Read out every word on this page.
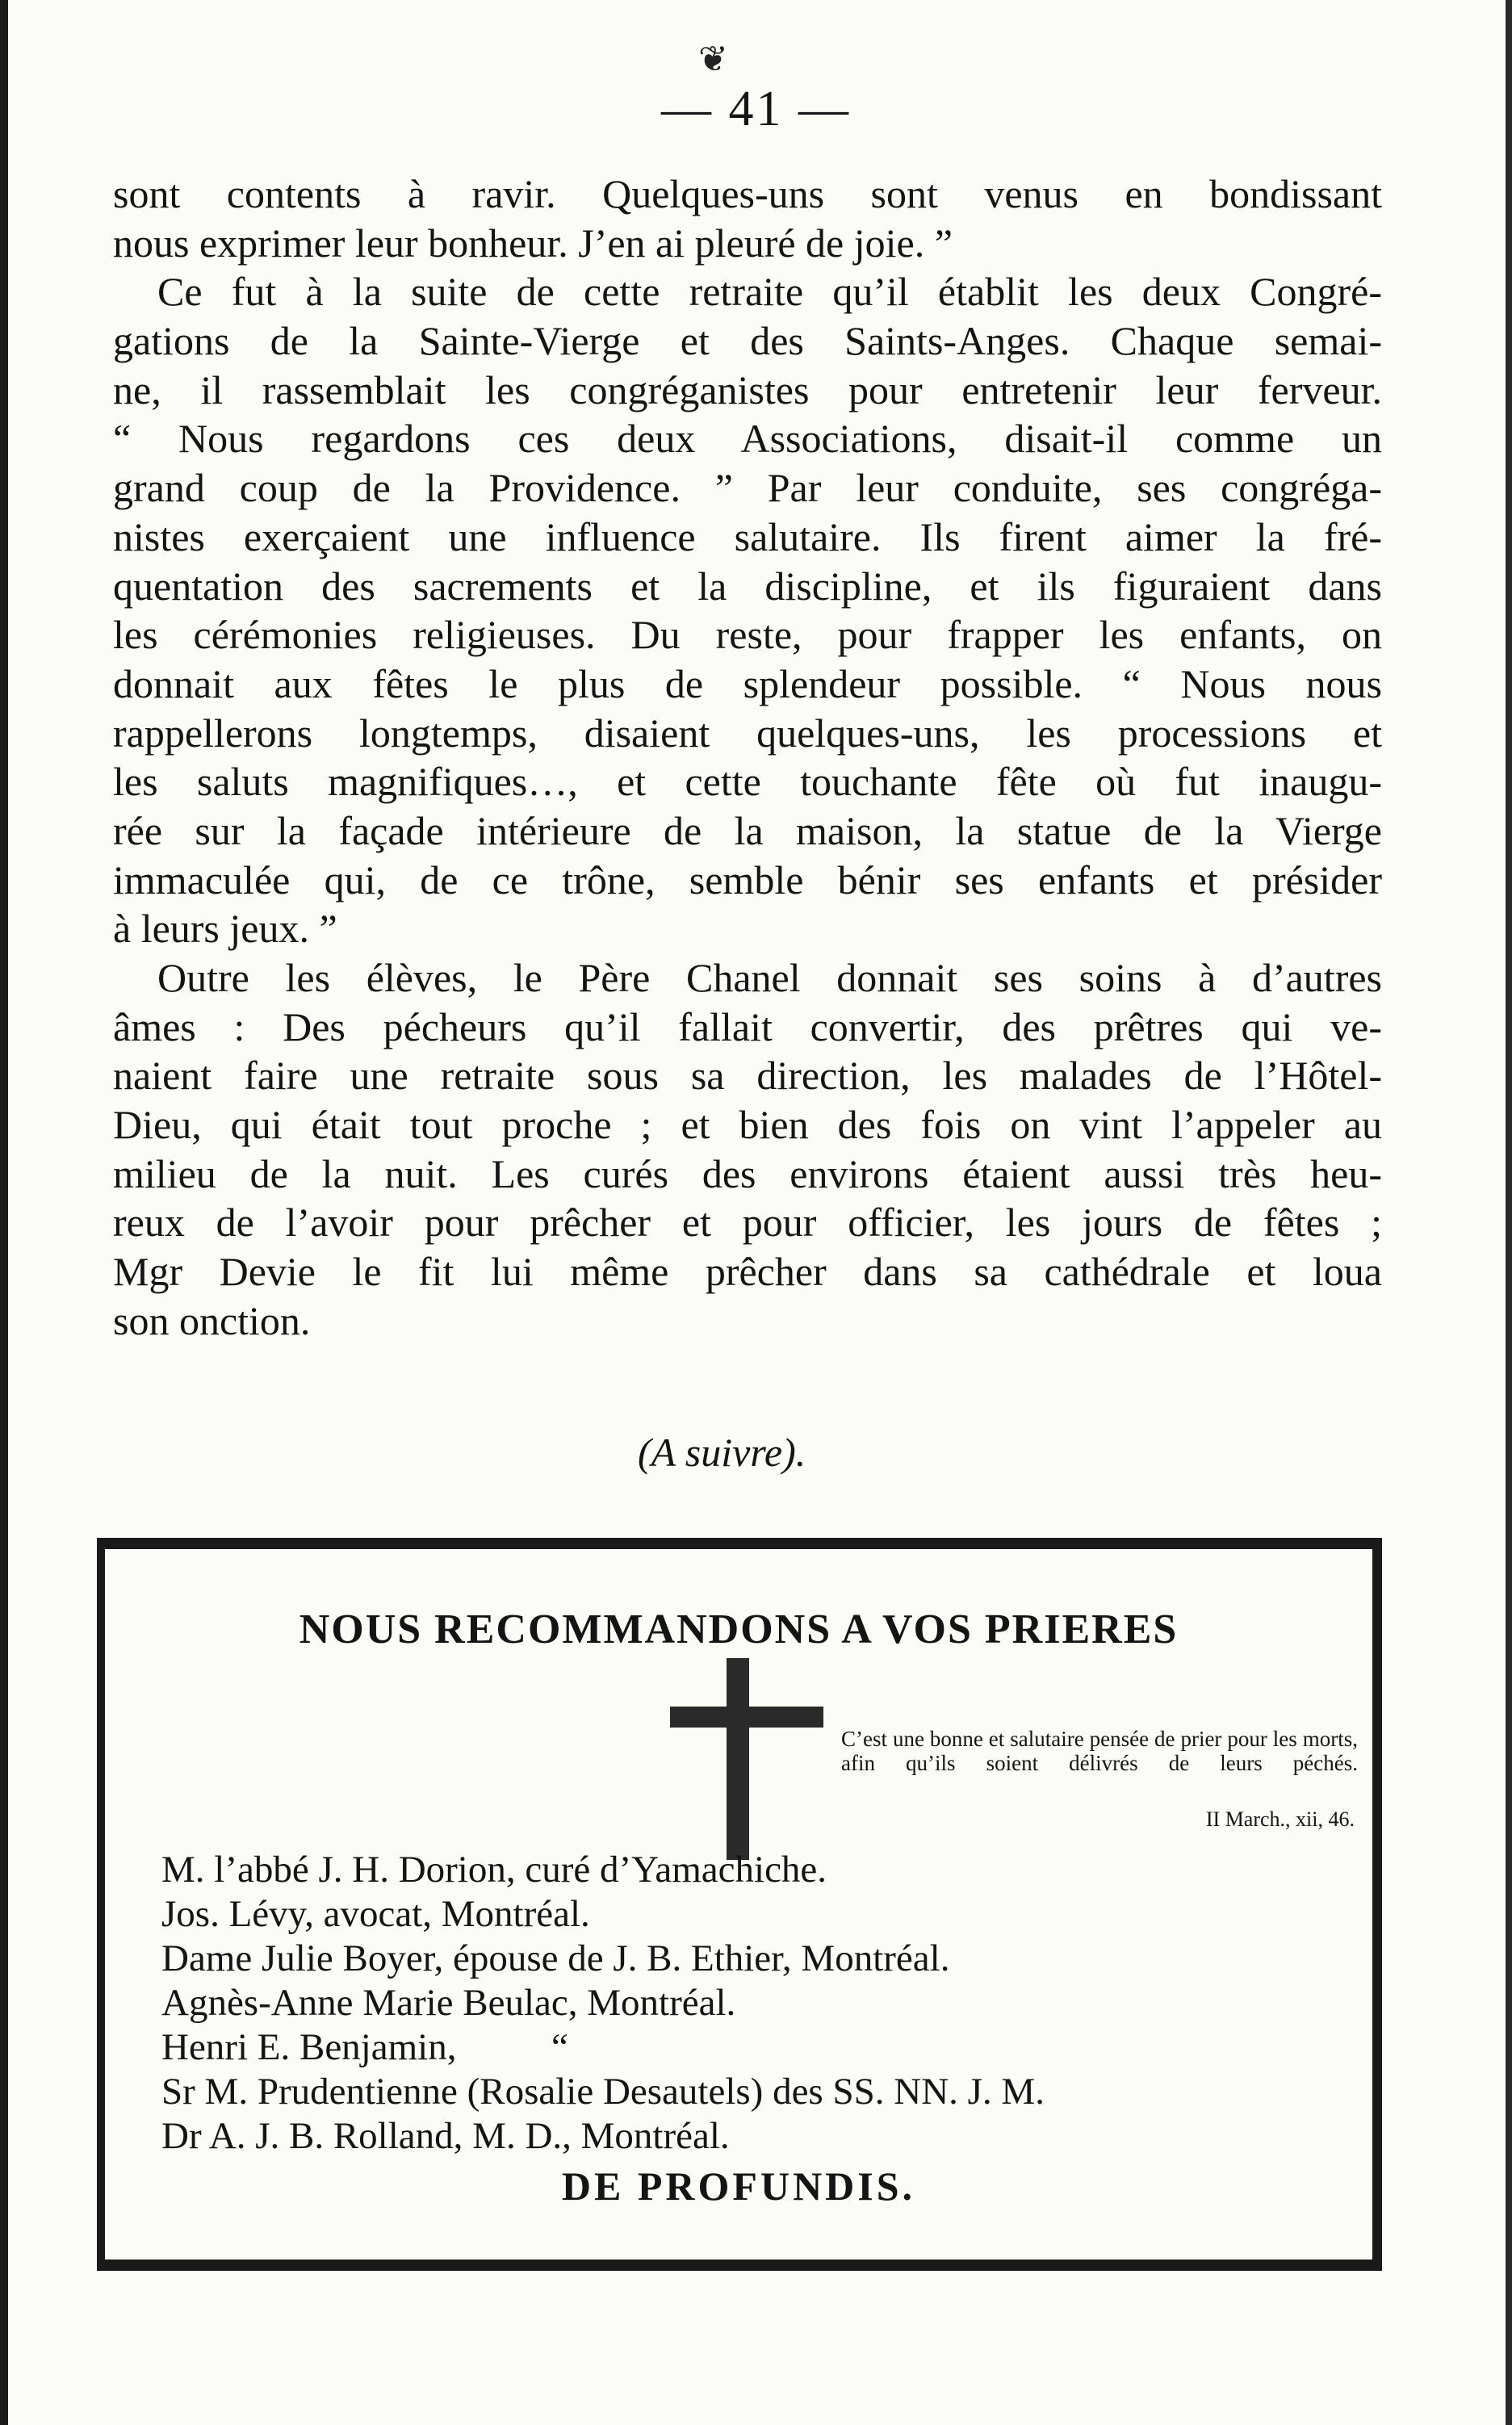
❦
— 41 —
sont contents à ravir. Quelques-uns sont venus en bondissant
nous exprimer leur bonheur. J’en ai pleuré de joie. ”
Ce fut à la suite de cette retraite qu’il établit les deux Congré-
gations de la Sainte-Vierge et des Saints-Anges. Chaque semai-
ne, il rassemblait les congréganistes pour entretenir leur ferveur.
“ Nous regardons ces deux Associations, disait-il comme un
grand coup de la Providence. ” Par leur conduite, ses congréga-
nistes exerçaient une influence salutaire. Ils firent aimer la fré-
quentation des sacrements et la discipline, et ils figuraient dans
les cérémonies religieuses. Du reste, pour frapper les enfants, on
donnait aux fêtes le plus de splendeur possible. “ Nous nous
rappellerons longtemps, disaient quelques-uns, les processions et
les saluts magnifiques…, et cette touchante fête où fut inaugu-
rée sur la façade intérieure de la maison, la statue de la Vierge
immaculée qui, de ce trône, semble bénir ses enfants et présider
à leurs jeux. ”
Outre les élèves, le Père Chanel donnait ses soins à d’autres
âmes : Des pécheurs qu’il fallait convertir, des prêtres qui ve-
naient faire une retraite sous sa direction, les malades de l’Hôtel-
Dieu, qui était tout proche ; et bien des fois on vint l’appeler au
milieu de la nuit. Les curés des environs étaient aussi très heu-
reux de l’avoir pour prêcher et pour officier, les jours de fêtes ;
Mgr Devie le fit lui même prêcher dans sa cathédrale et loua
son onction.
(A suivre).
NOUS RECOMMANDONS A VOS PRIERES
C’est une bonne et salutaire pensée de prier pour les morts, afin qu’ils soient délivrés de leurs péchés.
II March., xii, 46.
M. l’abbé J. H. Dorion, curé d’Yamachiche.
Jos. Lévy, avocat, Montréal.
Dame Julie Boyer, épouse de J. B. Ethier, Montréal.
Agnès-Anne Marie Beulac, Montréal.
Henri E. Benjamin,          “
Sr M. Prudentienne (Rosalie Desautels) des SS. NN. J. M.
Dr A. J. B. Rolland, M. D., Montréal.
DE PROFUNDIS.
